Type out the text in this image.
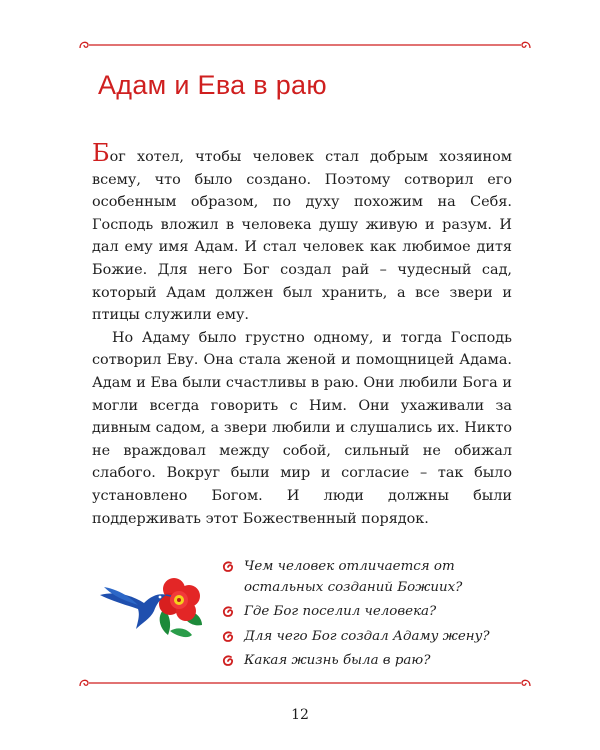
Адам и Ева в раю

Бог хотел, чтобы человек стал добрым хозяином всему, что было создано. Поэтому сотворил его особенным образом, по духу похожим на Себя. Господь вложил в человека душу живую и разум. И дал ему имя Адам. И стал человек как любимое дитя Божие. Для него Бог создал рай – чудесный сад, который Адам должен был хранить, а все звери и птицы служили ему.

Но Адаму было грустно одному, и тогда Господь сотворил Еву. Она стала женой и помощницей Адама. Адам и Ева были счастливы в раю. Они любили Бога и могли всегда говорить с Ним. Они ухаживали за дивным садом, а звери любили и слушались их. Никто не враждовал между собой, сильный не обижал слабого. Вокруг были мир и согласие – так было установлено Богом. И люди должны были поддерживать этот Божественный порядок.

Чем человек отличается от остальных созданий Божиих?
Где Бог поселил человека?
Для чего Бог создал Адаму жену?
Какая жизнь была в раю?
12
